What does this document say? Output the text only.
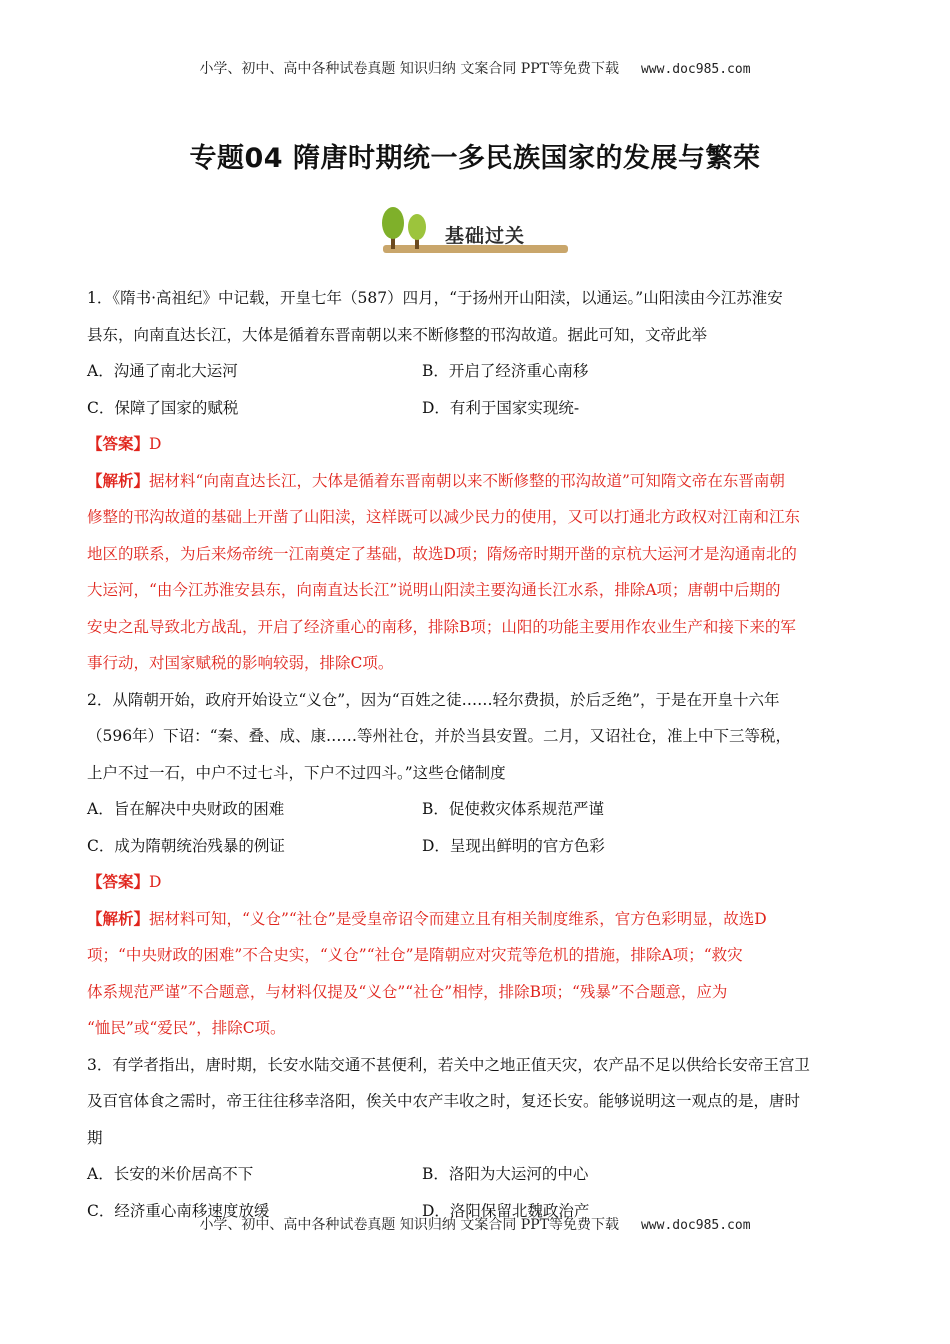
小学、初中、高中各种试卷真题 知识归纳 文案合同 PPT等免费下载 www.doc985.com
专题04 隋唐时期统一多民族国家的发展与繁荣
基础过关

1．《隋书·高祖纪》中记载，开皇七年（587）四月，“于扬州开山阳渎，以通运。”山阳渎由今江苏淮安

县东，向南直达长江，大体是循着东晋南朝以来不断修整的邗沟故道。据此可知，文帝此举

A．沟通了南北大运河	B．开启了经济重心南移
C．保障了国家的赋税	D．有利于国家实现统-

【答案】D

【解析】据材料“向南直达长江，大体是循着东晋南朝以来不断修整的邗沟故道”可知隋文帝在东晋南朝

修整的邗沟故道的基础上开凿了山阳渎，这样既可以减少民力的使用，又可以打通北方政权对江南和江东

地区的联系，为后来炀帝统一江南奠定了基础，故选D项；隋炀帝时期开凿的京杭大运河才是沟通南北的

大运河，“由今江苏淮安县东，向南直达长江”说明山阳渎主要沟通长江水系，排除A项；唐朝中后期的

安史之乱导致北方战乱，开启了经济重心的南移，排除B项；山阳的功能主要用作农业生产和接下来的军

事行动，对国家赋税的影响较弱，排除C项。

2．从隋朝开始，政府开始设立“义仓”，因为“百姓之徒……轻尔费损，於后乏绝”，于是在开皇十六年

（596年）下诏：“秦、叠、成、康……等州社仓，并於当县安置。二月，又诏社仓，准上中下三等税，

上户不过一石，中户不过七斗，下户不过四斗。”这些仓储制度

A．旨在解决中央财政的困难	B．促使救灾体系规范严谨
C．成为隋朝统治残暴的例证	D．呈现出鲜明的官方色彩

【答案】D

【解析】据材料可知，“义仓”“社仓”是受皇帝诏令而建立且有相关制度维系，官方色彩明显，故选D

项；“中央财政的困难”不合史实，“义仓”“社仓”是隋朝应对灾荒等危机的措施，排除A项；“救灾

体系规范严谨”不合题意，与材料仅提及“义仓”“社仓”相悖，排除B项；“残暴”不合题意，应为

“恤民”或“爱民”，排除C项。

3．有学者指出，唐时期，长安水陆交通不甚便利，若关中之地正值天灾，农产品不足以供给长安帝王宫卫

及百官体食之需时，帝王往往移幸洛阳，俟关中农产丰收之时，复还长安。能够说明这一观点的是，唐时

期

A．长安的米价居高不下	B．洛阳为大运河的中心
C．经济重心南移速度放缓	D．洛阳保留北魏政治产
小学、初中、高中各种试卷真题 知识归纳 文案合同 PPT等免费下载 www.doc985.com
